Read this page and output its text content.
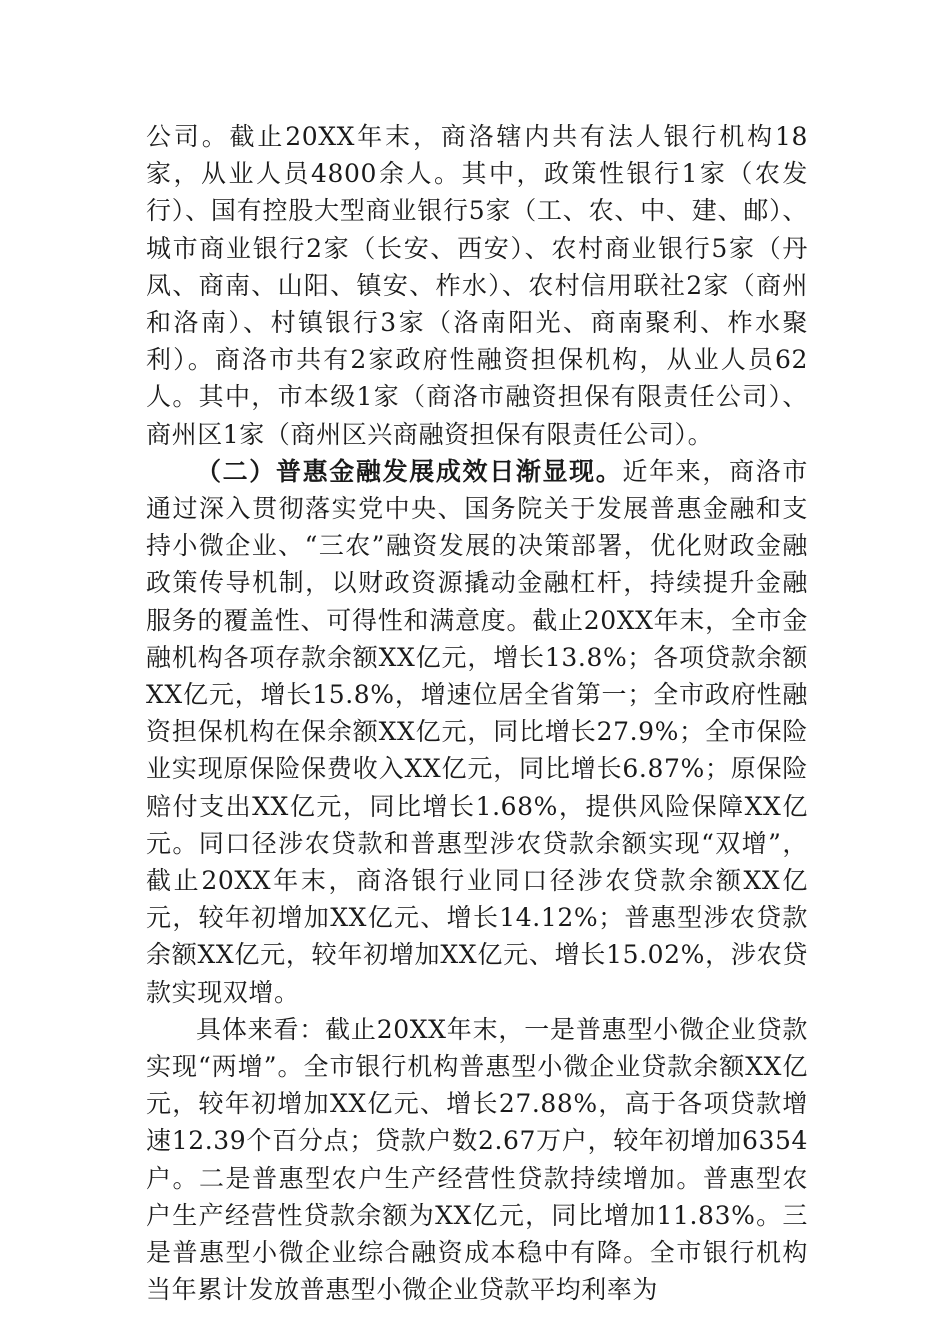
公司。截止20XX年末，商洛辖内共有法人银行机构18家，从业人员4800余人。其中，政策性银行1家（农发行）、国有控股大型商业银行5家（工、农、中、建、邮）、城市商业银行2家（长安、西安）、农村商业银行5家（丹凤、商南、山阳、镇安、柞水）、农村信用联社2家（商州和洛南）、村镇银行3家（洛南阳光、商南聚利、柞水聚利）。商洛市共有2家政府性融资担保机构，从业人员62人。其中，市本级1家（商洛市融资担保有限责任公司）、商州区1家（商州区兴商融资担保有限责任公司）。

（二）普惠金融发展成效日渐显现。近年来，商洛市通过深入贯彻落实党中央、国务院关于发展普惠金融和支持小微企业、“三农”融资发展的决策部署，优化财政金融政策传导机制，以财政资源撬动金融杠杆，持续提升金融服务的覆盖性、可得性和满意度。截止20XX年末，全市金融机构各项存款余额XX亿元，增长13.8%；各项贷款余额XX亿元，增长15.8%，增速位居全省第一；全市政府性融资担保机构在保余额XX亿元，同比增长27.9%；全市保险业实现原保险保费收入XX亿元，同比增长6.87%；原保险赔付支出XX亿元，同比增长1.68%，提供风险保障XX亿元。同口径涉农贷款和普惠型涉农贷款余额实现“双增”，截止20XX年末，商洛银行业同口径涉农贷款余额XX亿元，较年初增加XX亿元、增长14.12%；普惠型涉农贷款余额XX亿元，较年初增加XX亿元、增长15.02%，涉农贷款实现双增。

具体来看：截止20XX年末，一是普惠型小微企业贷款实现“两增”。全市银行机构普惠型小微企业贷款余额XX亿元，较年初增加XX亿元、增长27.88%，高于各项贷款增速12.39个百分点；贷款户数2.67万户，较年初增加6354户。二是普惠型农户生产经营性贷款持续增加。普惠型农户生产经营性贷款余额为XX亿元，同比增加11.83%。三是普惠型小微企业综合融资成本稳中有降。全市银行机构当年累计发放普惠型小微企业贷款平均利率为
